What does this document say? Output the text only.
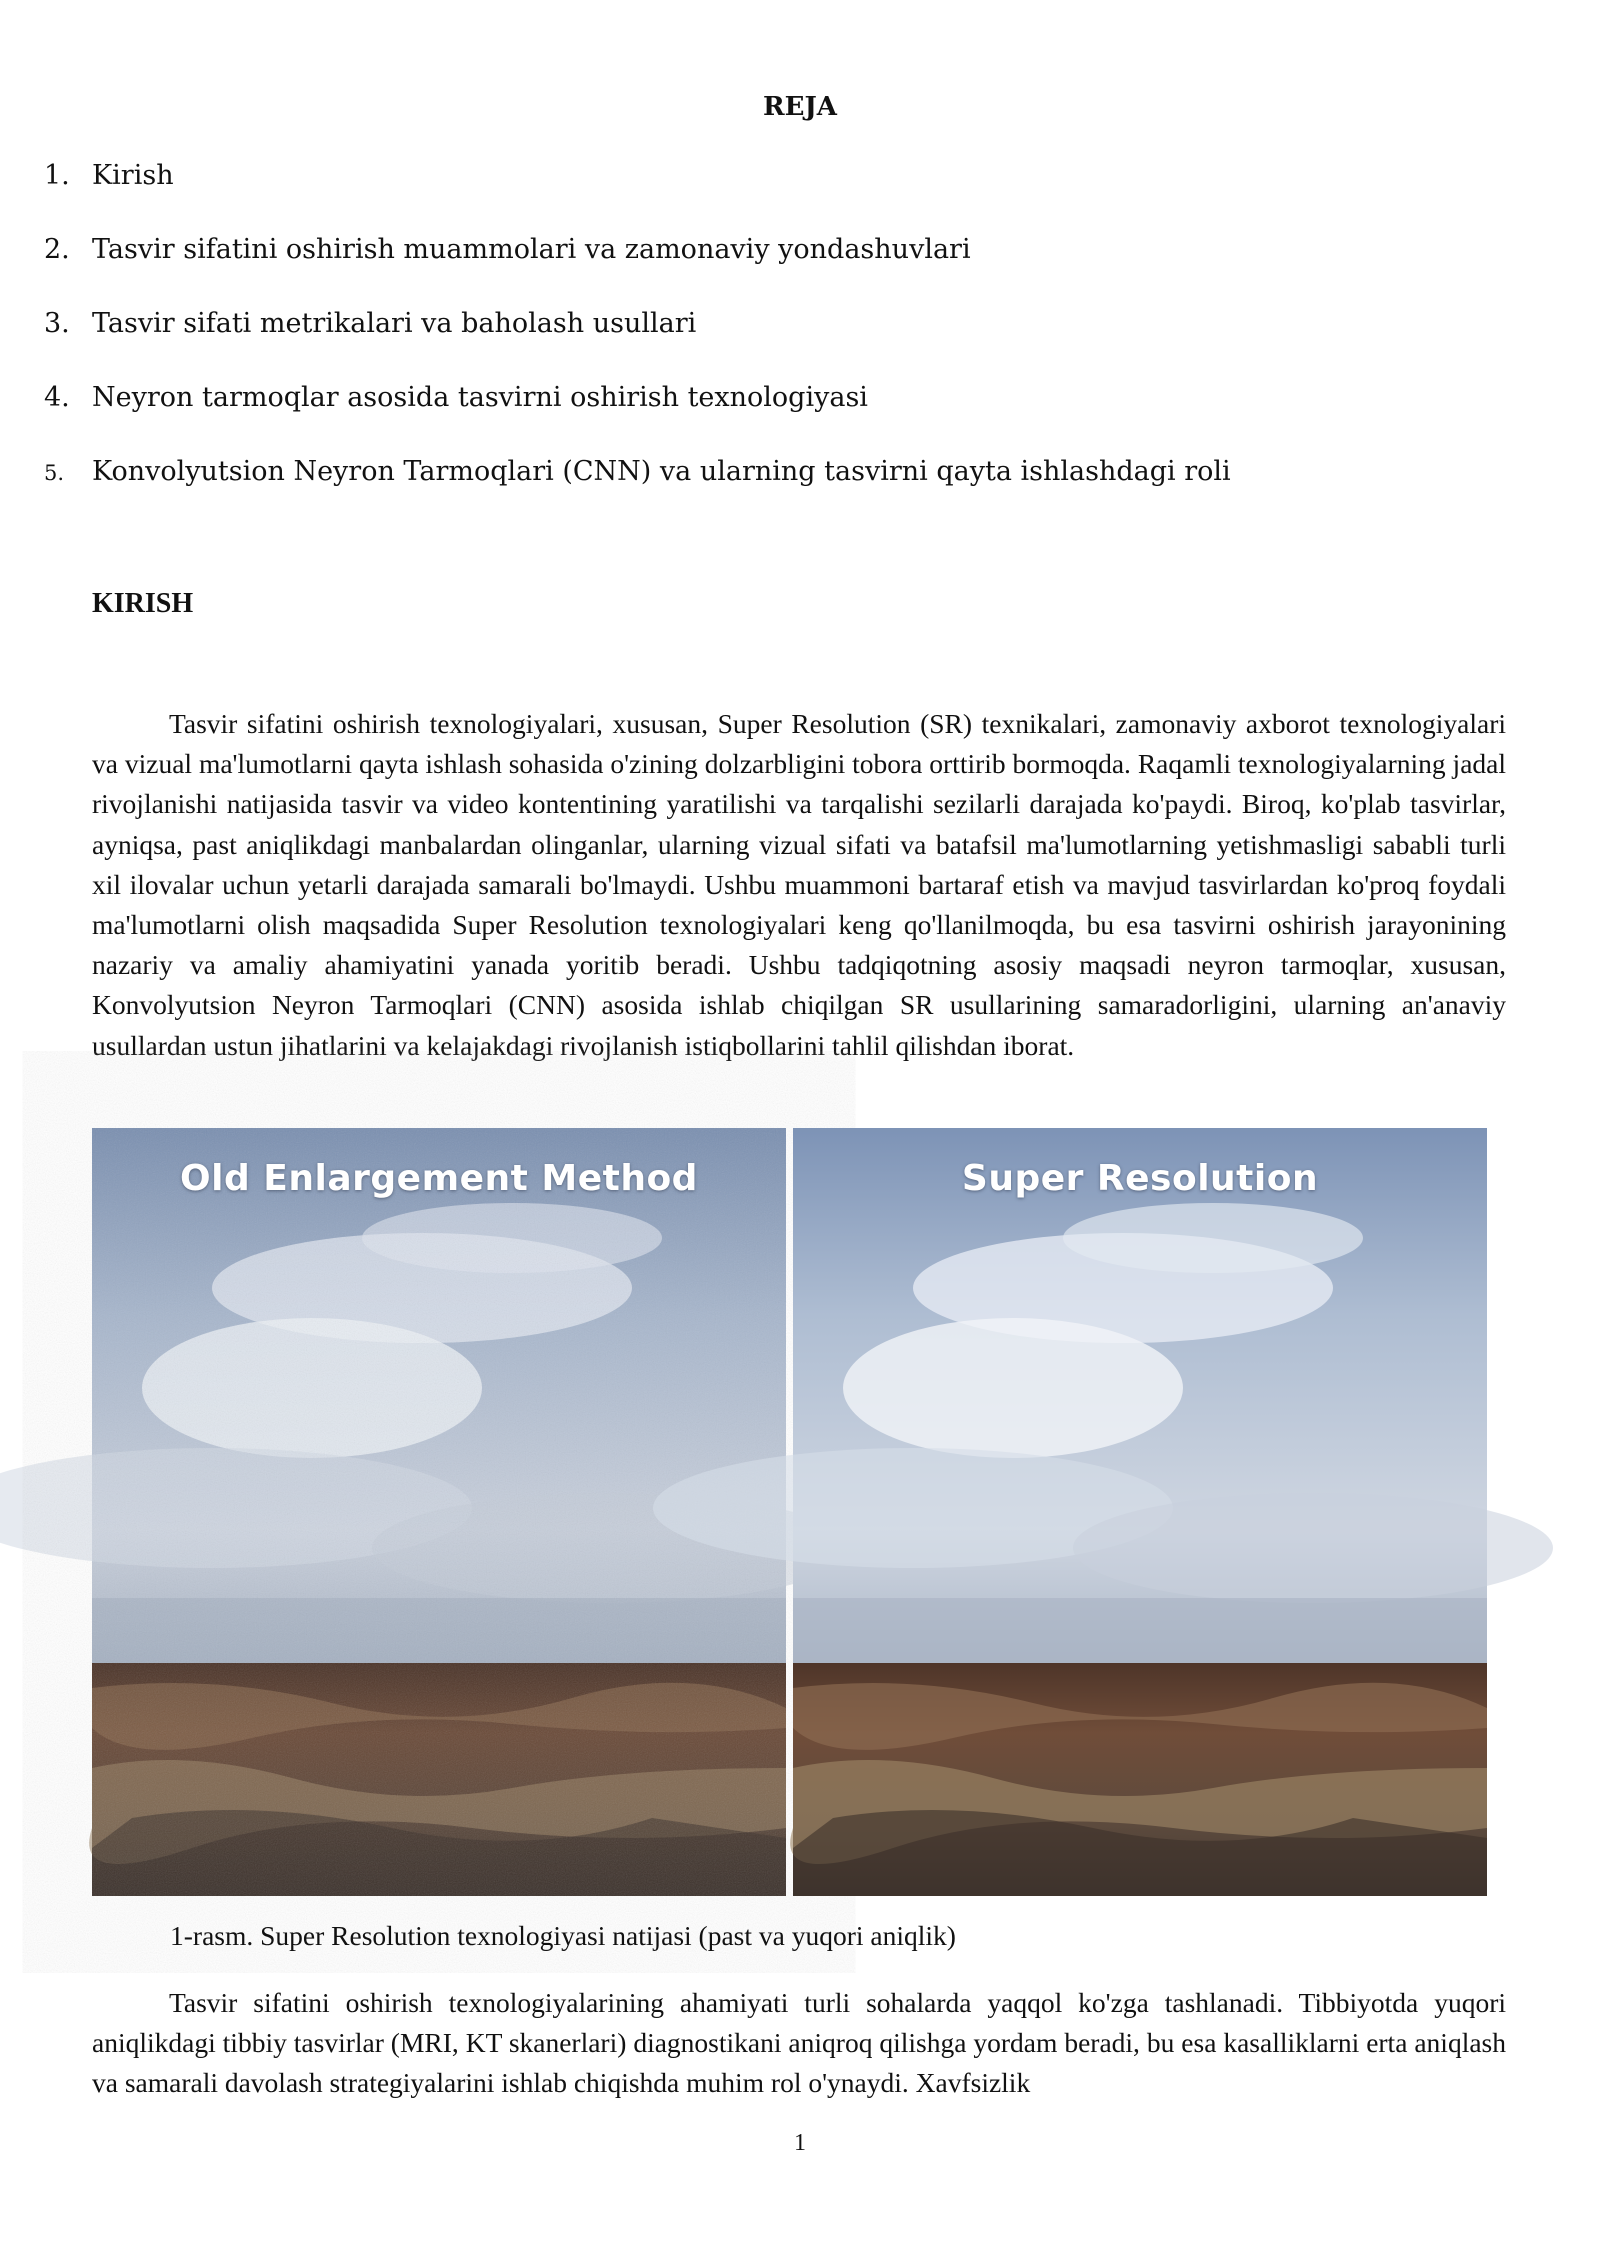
REJA
1. Kirish
2. Tasvir sifatini oshirish muammolari va zamonaviy yondashuvlari
3. Tasvir sifati metrikalari va baholash usullari
4. Neyron tarmoqlar asosida tasvirni oshirish texnologiyasi
5. Konvolyutsion Neyron Tarmoqlari (CNN) va ularning tasvirni qayta ishlashdagi roli
KIRISH

Tasvir sifatini oshirish texnologiyalari, xususan, Super Resolution (SR) texnikalari, zamonaviy axborot texnologiyalari va vizual ma'lumotlarni qayta ishlash sohasida o'zining dolzarbligini tobora orttirib bormoqda. Raqamli texnologiyalarning jadal rivojlanishi natijasida tasvir va video kontentining yaratilishi va tarqalishi sezilarli darajada ko'paydi. Biroq, ko'plab tasvirlar, ayniqsa, past aniqlikdagi manbalardan olinganlar, ularning vizual sifati va batafsil ma'lumotlarning yetishmasligi sababli turli xil ilovalar uchun yetarli darajada samarali bo'lmaydi. Ushbu muammoni bartaraf etish va mavjud tasvirlardan ko'proq foydali ma'lumotlarni olish maqsadida Super Resolution texnologiyalari keng qo'llanilmoqda, bu esa tasvirni oshirish jarayonining nazariy va amaliy ahamiyatini yanada yoritib beradi. Ushbu tadqiqotning asosiy maqsadi neyron tarmoqlar, xususan, Konvolyutsion Neyron Tarmoqlari (CNN) asosida ishlab chiqilgan SR usullarining samaradorligini, ularning an'anaviy usullardan ustun jihatlarini va kelajakdagi rivojlanish istiqbollarini tahlil qilishdan iborat.

Old Enlargement Method	Super Resolution
1-rasm. Super Resolution texnologiyasi natijasi (past va yuqori aniqlik)

Tasvir sifatini oshirish texnologiyalarining ahamiyati turli sohalarda yaqqol ko'zga tashlanadi. Tibbiyotda yuqori aniqlikdagi tibbiy tasvirlar (MRI, KT skanerlari) diagnostikani aniqroq qilishga yordam beradi, bu esa kasalliklarni erta aniqlash va samarali davolash strategiyalarini ishlab chiqishda muhim rol o'ynaydi. Xavfsizlik

1
